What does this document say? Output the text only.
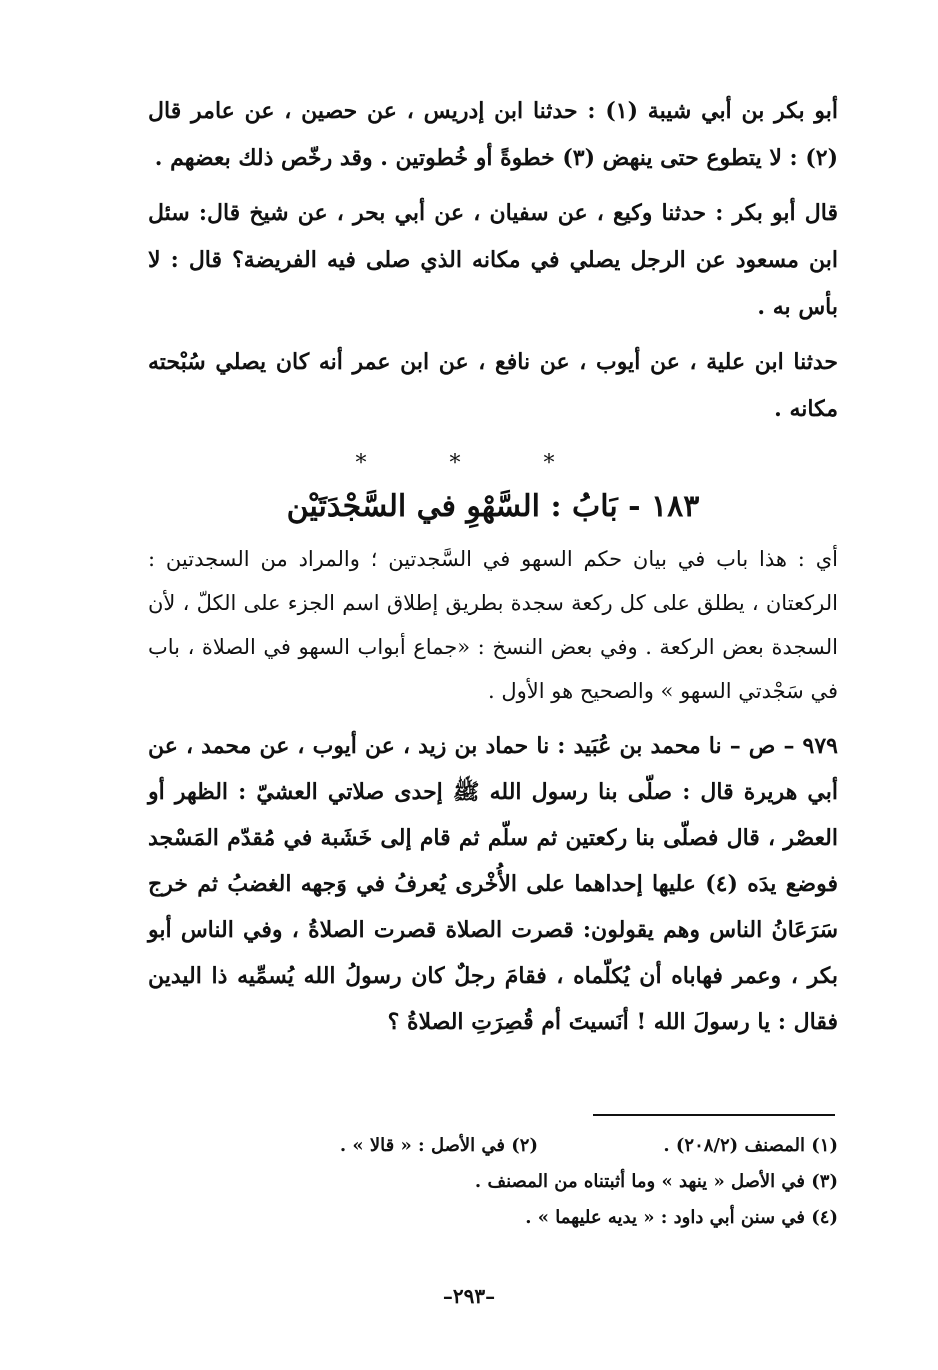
أبو بكر بن أبي شيبة (١) : حدثنا ابن إدريس ، عن حصين ، عن عامر قال (٢) : لا يتطوع حتى ينهض (٣) خطوةً أو خُطوتين . وقد رخّص ذلك بعضهم .

قال أبو بكر : حدثنا وكيع ، عن سفيان ، عن أبي بحر ، عن شيخ قال: سئل ابن مسعود عن الرجل يصلي في مكانه الذي صلى فيه الفريضة؟ قال : لا بأس به .

حدثنا ابن علية ، عن أيوب ، عن نافع ، عن ابن عمر أنه كان يصلي سُبْحته مكانه .

* * *
١٨٣ - بَابُ : السَّهْوِ في السَّجْدَتَيْن

أي : هذا باب في بيان حكم السهو في السَّجدتين ؛ والمراد من السجدتين : الركعتان ، يطلق على كل ركعة سجدة بطريق إطلاق اسم الجزء على الكلّ ، لأن السجدة بعض الركعة . وفي بعض النسخ : «جماع أبواب السهو في الصلاة ، باب في سَجْدتي السهو » والصحيح هو الأول .

٩٧٩ – ص – نا محمد بن عُبَيد : نا حماد بن زيد ، عن أيوب ، عن محمد ، عن أبي هريرة قال : صلّى بنا رسول الله ﷺ إحدى صلاتي العشيّ : الظهر أو العصْر ، قال فصلّى بنا ركعتين ثم سلّم ثم قام إلى خَشَبة في مُقدّم المَسْجد فوضع يدَه (٤) عليها إحداهما على الأُخْرى يُعرفُ في وَجهه الغضبُ ثم خرج سَرَعَانُ الناس وهم يقولون: قصرت الصلاة قصرت الصلاةُ ، وفي الناس أبو بكر ، وعمر فهاباه أن يُكلّماه ، فقامَ رجلٌ كان رسولُ الله يُسمِّيه ذا اليدين فقال : يا رسولَ الله ! أنَسيتَ أم قُصِرَتِ الصلاةُ ؟

(١) المصنف (٢٠٨/٢) .
(٢) في الأصل : « قالا » .
(٣) في الأصل « ينهد » وما أثبتناه من المصنف .
(٤) في سنن أبي داود : « يديه عليهما » .
–٢٩٣–
